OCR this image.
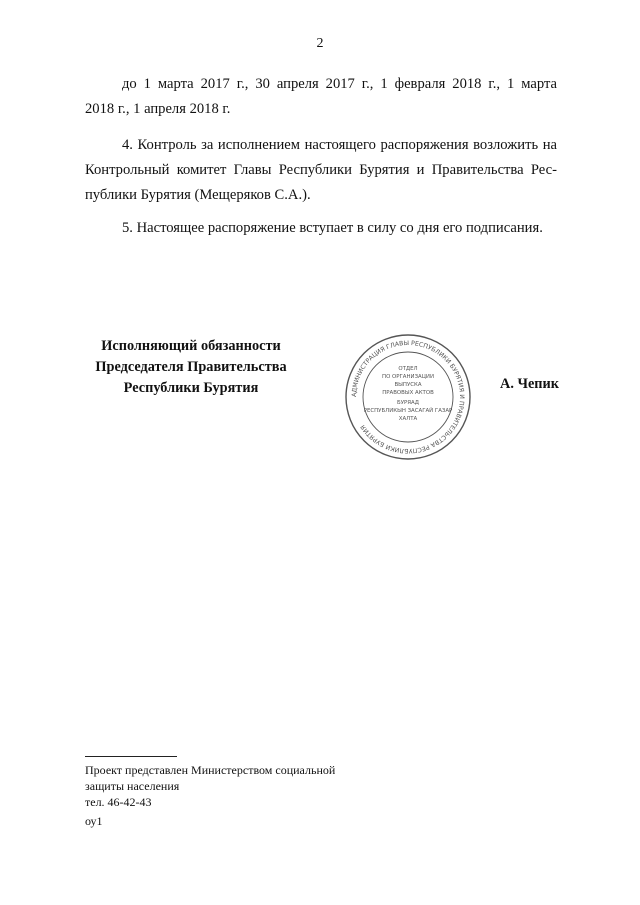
2
до 1 марта 2017 г., 30 апреля 2017 г., 1 февраля 2018 г., 1 марта
2018 г., 1 апреля 2018 г.
4. Контроль за исполнением настоящего распоряжения возложить на
Контрольный комитет Главы Республики Бурятия и Правительства Рес-
публики Бурятия (Мещеряков С.А.).
5. Настоящее распоряжение вступает в силу со дня его подписания.
Исполняющий обязанности
Председателя Правительства
Республики Бурятия	АДМИНИСТРАЦИЯ ГЛАВЫ РЕСПУБЛИКИ БУРЯТИЯ И ПРАВИТЕЛЬСТВА РЕСПУБЛИКИ БУРЯТИЯ
ОТДЕЛ
ПО ОРГАНИЗАЦИИ
ВЫПУСКА
ПРАВОВЫХ АКТОВ
БУРЯАД
РЕСПУБЛИКЫН ЗАСАГАЙ ГАЗАР
ХАЛТА
А. Чепик
Проект представлен Министерством социальной
защиты населения
тел. 46-42-43
оу1
